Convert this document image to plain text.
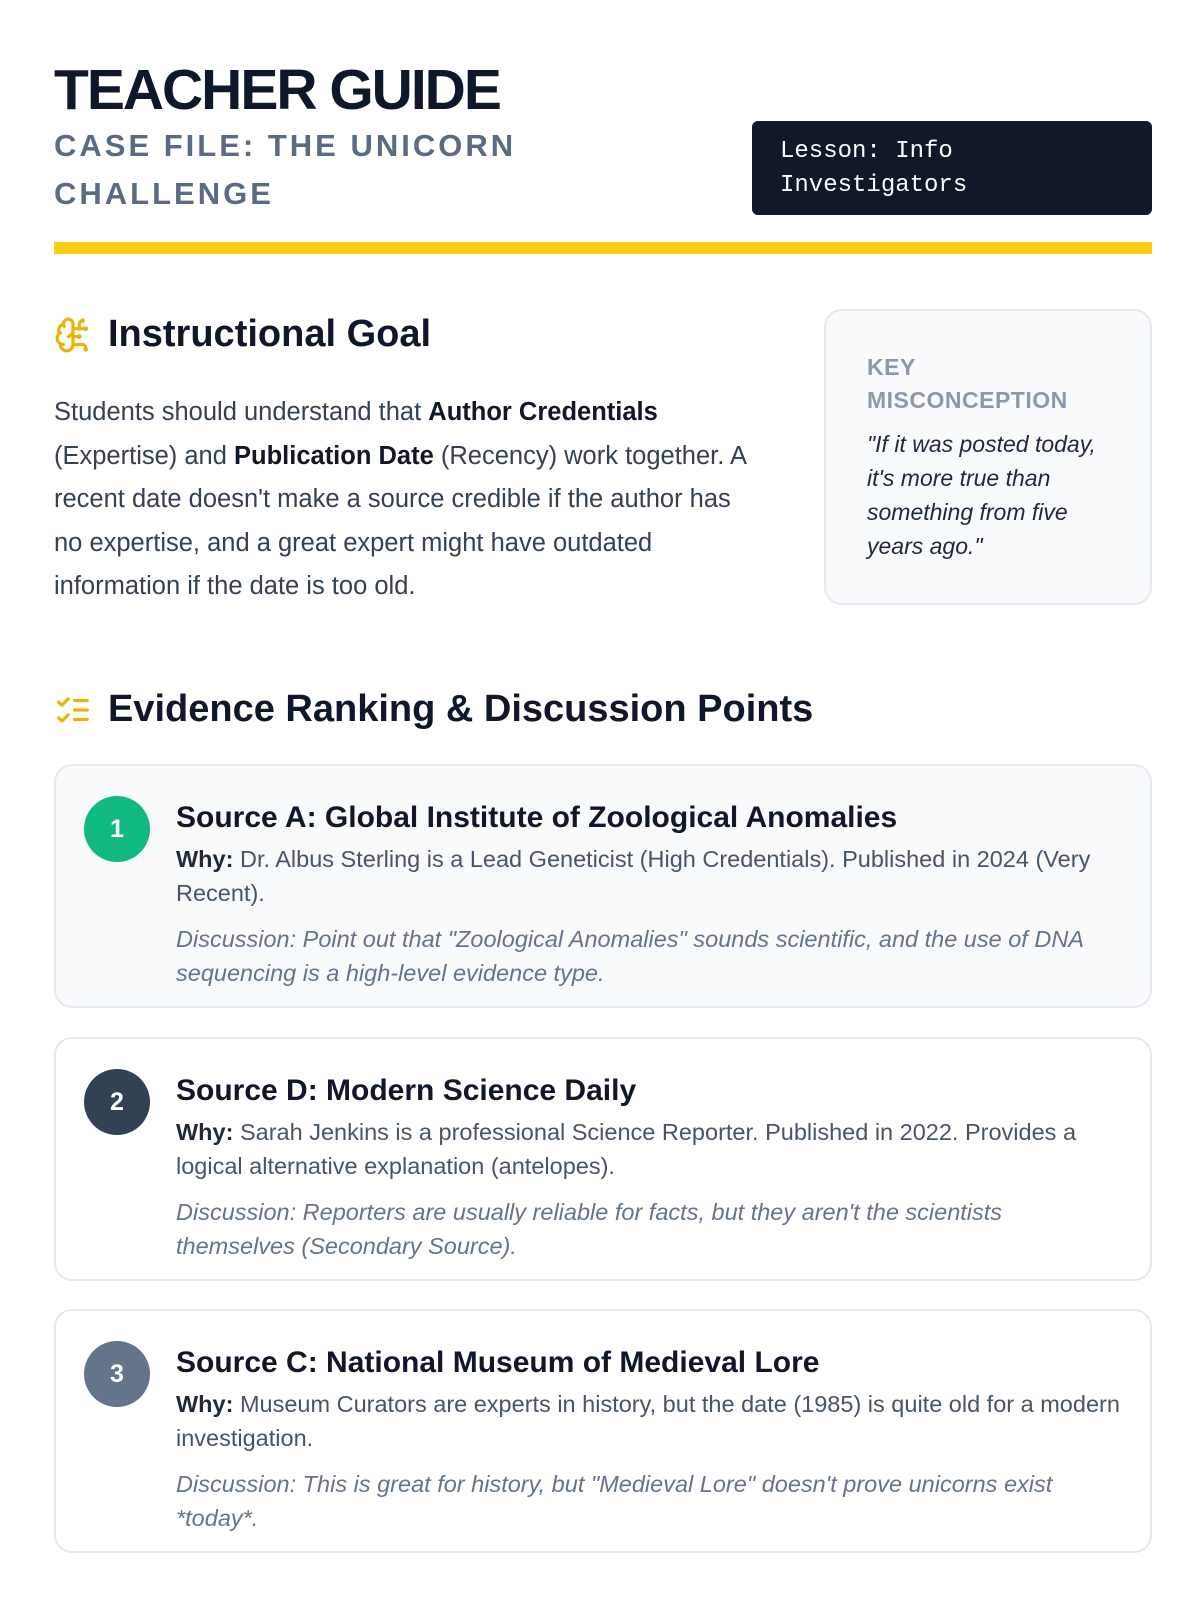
TEACHER GUIDE
CASE FILE: THE UNICORN CHALLENGE
Lesson: Info Investigators
Instructional Goal

Students should understand that Author Credentials (Expertise) and Publication Date (Recency) work together. A recent date doesn't make a source credible if the author has no expertise, and a great expert might have outdated information if the date is too old.

KEY MISCONCEPTION

"If it was posted today, it's more true than something from five years ago."

Evidence Ranking & Discussion Points
1	Source A: Global Institute of Zoological Anomalies

Why: Dr. Albus Sterling is a Lead Geneticist (High Credentials). Published in 2024 (Very Recent).

Discussion: Point out that "Zoological Anomalies" sounds scientific, and the use of DNA sequencing is a high-level evidence type.

2	Source D: Modern Science Daily

Why: Sarah Jenkins is a professional Science Reporter. Published in 2022. Provides a logical alternative explanation (antelopes).

Discussion: Reporters are usually reliable for facts, but they aren't the scientists themselves (Secondary Source).

3	Source C: National Museum of Medieval Lore

Why: Museum Curators are experts in history, but the date (1985) is quite old for a modern investigation.

Discussion: This is great for history, but "Medieval Lore" doesn't prove unicorns exist *today*.
